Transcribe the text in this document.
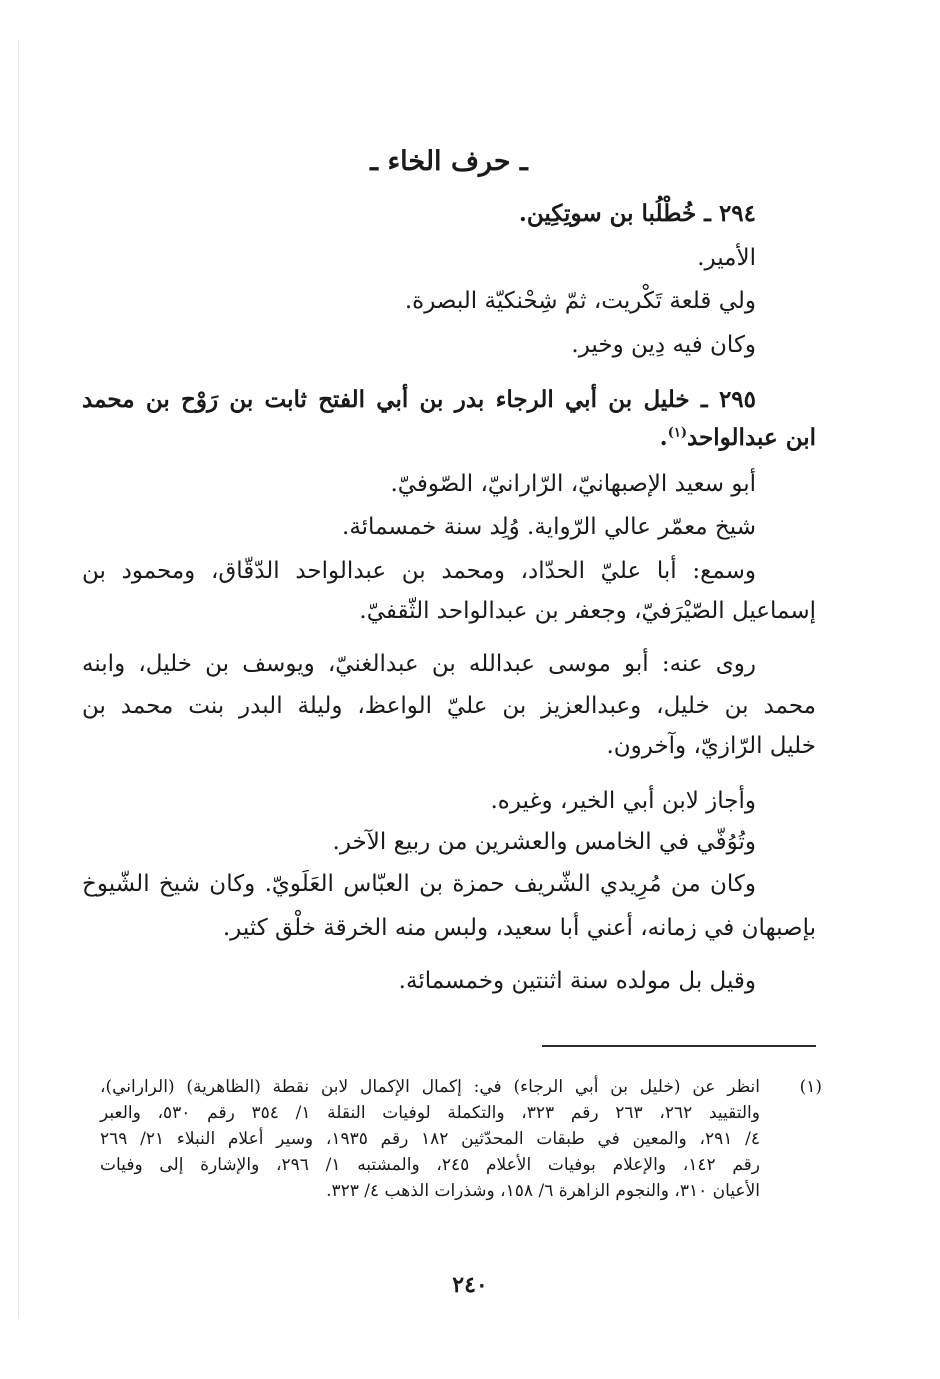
ـ حرف الخاء ـ
٢٩٤ ـ خُطْلُبا بن سوتِكِين.
الأمير.
ولي قلعة تَكْريت، ثمّ شِحْنكيّة البصرة.
وكان فيه دِين وخير.
٢٩٥ ـ خليل بن أبي الرجاء بدر بن أبي الفتح ثابت بن رَوْح بن محمد
ابن عبدالواحد$^{(١)}$.
أبو سعيد الإصبهانيّ، الرّارانيّ، الصّوفيّ.
شيخ معمّر عالي الرّواية. وُلِد سنة خمسمائة.
وسمع: أبا عليّ الحدّاد، ومحمد بن عبدالواحد الدّقّاق، ومحمود بن
إسماعيل الصّيْرَفيّ، وجعفر بن عبدالواحد الثّقفيّ.
روى عنه: أبو موسى عبدالله بن عبدالغنيّ، ويوسف بن خليل، وابنه
محمد بن خليل، وعبدالعزيز بن عليّ الواعظ، وليلة البدر بنت محمد بن
خليل الرّازيّ، وآخرون.
وأجاز لابن أبي الخير، وغيره.
وتُوُفّي في الخامس والعشرين من ربيع الآخر.
وكان من مُرِيدي الشّريف حمزة بن العبّاس العَلَويّ. وكان شيخ الشّيوخ
بإصبهان في زمانه، أعني أبا سعيد، ولبس منه الخرقة خلْق كثير.
وقيل بل مولده سنة اثنتين وخمسمائة.
(١)
انظر عن (خليل بن أبي الرجاء) في: إكمال الإكمال لابن نقطة (الظاهرية) (الراراني)،
والتقييد ٢٦٢، ٢٦٣ رقم ٣٢٣، والتكملة لوفيات النقلة ١/ ٣٥٤ رقم ٥٣٠، والعبر
٤/ ٢٩١، والمعين في طبقات المحدّثين ١٨٢ رقم ١٩٣٥، وسير أعلام النبلاء ٢١/ ٢٦٩
رقم ١٤٢، والإعلام بوفيات الأعلام ٢٤٥، والمشتبه ١/ ٢٩٦، والإشارة إلى وفيات
الأعيان ٣١٠، والنجوم الزاهرة ٦/ ١٥٨، وشذرات الذهب ٤/ ٣٢٣.
٢٤٠
